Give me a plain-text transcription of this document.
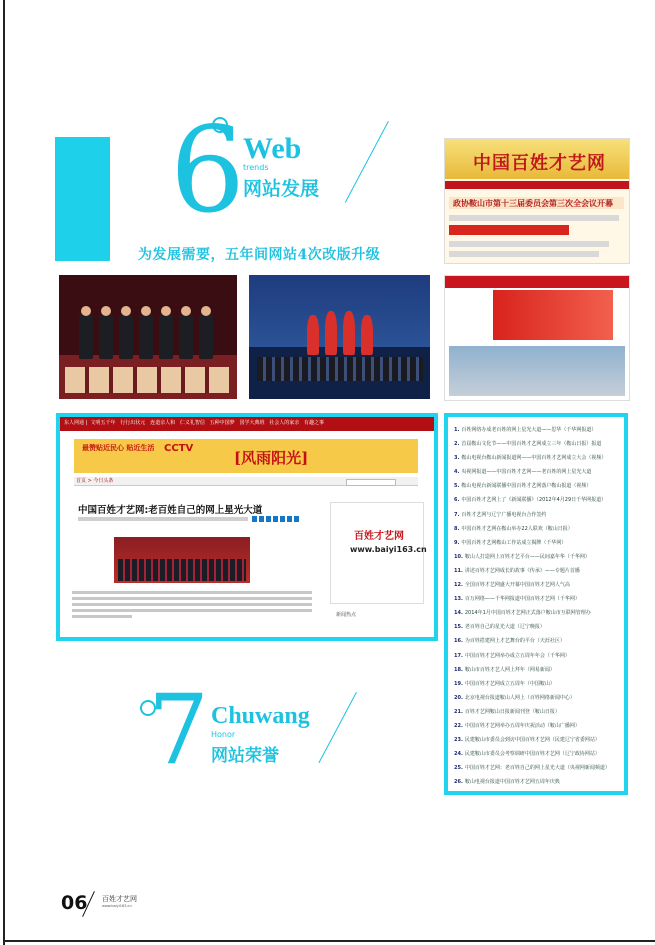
6
Web
trends
网站发展
为发展需要，五年间网站4次改版升级
中国百姓才艺网
政协鞍山市第十三届委员会第三次全会议开幕
东人网通 |  文明五千年 行行出状元 连道亲人和 仁义礼智信 五种中国梦 国学大典班 社会人的家亲 有趣之事
最赞贴近民心 贴近生活 CCTV
[风雨阳光]
首页 > 今日头条
中国百姓才艺网:老百姓自己的网上星光大道
百姓才艺网
www.baiyi163.cn
新闻热点
1. 百姓网络办成老百姓的网上星光大道——思华（千华网报道）
2. 首届鞍山文化节——中国百姓才艺网成立三年（鞍山日报）报道
3. 鞍山电视台鞍山新闻报道网——中国百姓才艺网成立大会（视频）
4. 央视网报道——中国百姓才艺网——老百姓的网上星光大道
5. 鞍山电视台新闻联播中国百姓才艺网落户鞍山报道（视频）
6. 中国百姓才艺网上了《新闻联播》（2012年4月29日千华网报道）
7. 百姓才艺网与辽宁广播电视台合作签约
8. 中国百姓才艺网在鞍山举办22人联欢（鞍山日报）
9. 中国百姓才艺网鞍山工作站成立揭牌（千华网）
10. 鞍山人打造网上百姓才艺平台——民间嘉年华（千华网）
11. 讲述百姓才艺网成长的故事《传承》——专题片首播
12. 全国百姓才艺网盛大开幕中国百姓才艺网人气高
13. 百万网络——千华网报道中国百姓才艺网（千华网）
14. 2014年1月中国百姓才艺网正式落户鞍山市互联网管理办
15. 老百姓自己的星光大道（辽宁晚报）
16. 为百姓搭建网上才艺舞台的平台（天涯社区）
17. 中国百姓才艺网举办成立五周年年会（千华网）
18. 鞍山市百姓才艺人网上拜年（网易新闻）
19. 中国百姓才艺网成立五周年（中国鞍山）
20. 北京电视台报道鞍山人网上（百姓网络新闻中心）
21. 百姓才艺网鞍山日报新闻刊登（鞍山日报）
22. 中国百姓才艺网举办五周年庆祝活动（鞍山广播网）
23. 民建鞍山市委员会到访中国百姓才艺网（民建辽宁省委网站）
24. 民建鞍山市委员会考察调研中国百姓才艺网（辽宁政协网站）
25. 中国百姓才艺网：老百姓自己的网上星光大道（央视网新闻频道）
26. 鞍山电视台报道中国百姓才艺网五周年庆典
7 Chuwang
Honor
网站荣誉
06 百姓才艺网
www.baiyi163.cn
